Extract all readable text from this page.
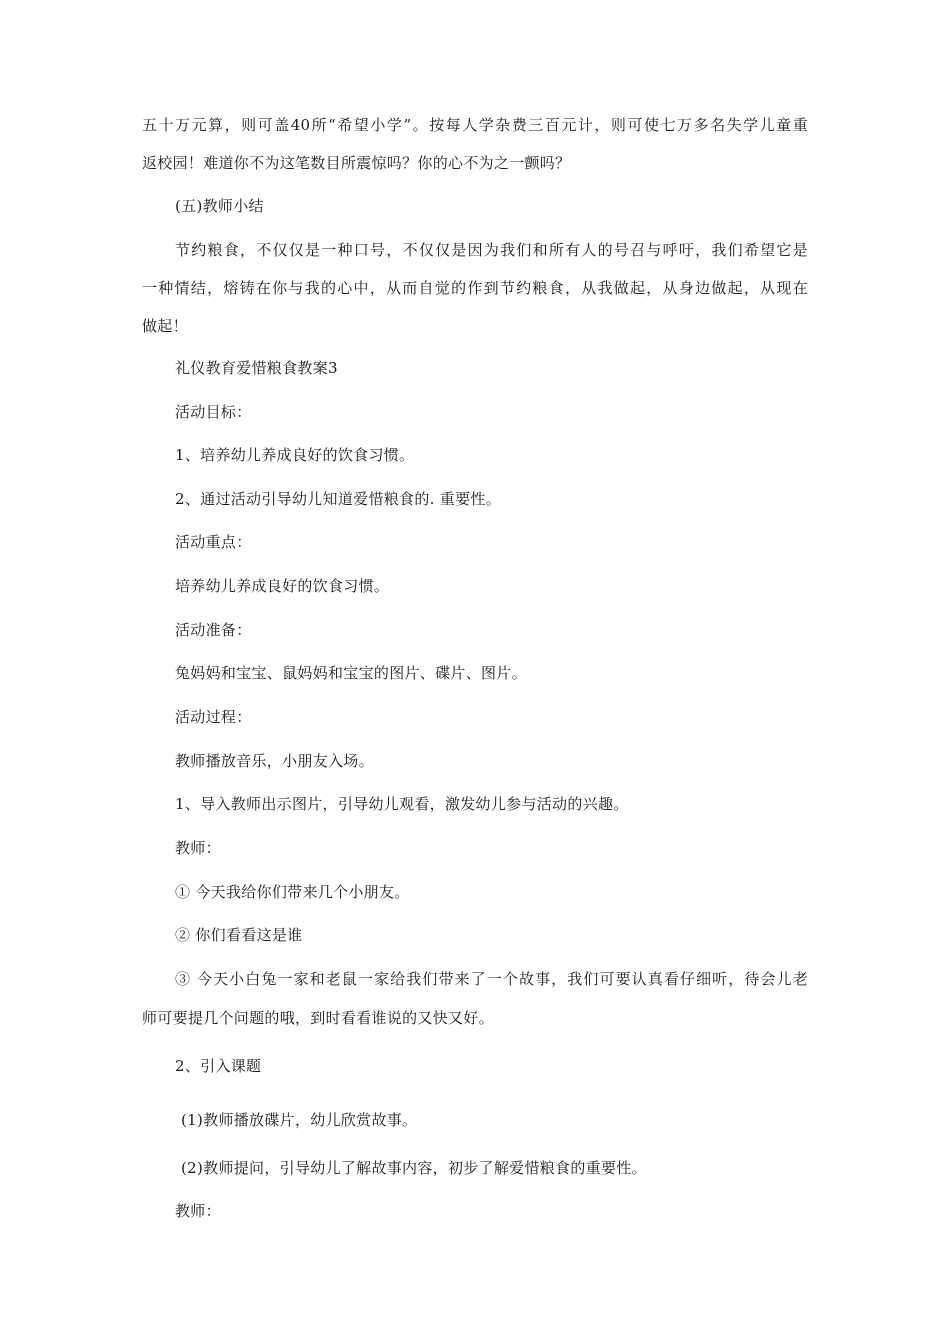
五十万元算，则可盖40所“希望小学”。按每人学杂费三百元计，则可使七万多名失学儿童重
返校园！难道你不为这笔数目所震惊吗？你的心不为之一颤吗？
(五)教师小结
节约粮食，不仅仅是一种口号，不仅仅是因为我们和所有人的号召与呼吁，我们希望它是
一种情结，熔铸在你与我的心中，从而自觉的作到节约粮食，从我做起，从身边做起，从现在
做起！
礼仪教育爱惜粮食教案3
活动目标：
1、培养幼儿养成良好的饮食习惯。
2、通过活动引导幼儿知道爱惜粮食的. 重要性。
活动重点：
培养幼儿养成良好的饮食习惯。
活动准备：
兔妈妈和宝宝、鼠妈妈和宝宝的图片、碟片、图片。
活动过程：
教师播放音乐，小朋友入场。
1、导入教师出示图片，引导幼儿观看，激发幼儿参与活动的兴趣。
教师：
① 今天我给你们带来几个小朋友。
② 你们看看这是谁
③ 今天小白兔一家和老鼠一家给我们带来了一个故事，我们可要认真看仔细听，待会儿老
师可要提几个问题的哦，到时看看谁说的又快又好。
2、引入课题
(1)教师播放碟片，幼儿欣赏故事。
(2)教师提问，引导幼儿了解故事内容，初步了解爱惜粮食的重要性。
教师：
